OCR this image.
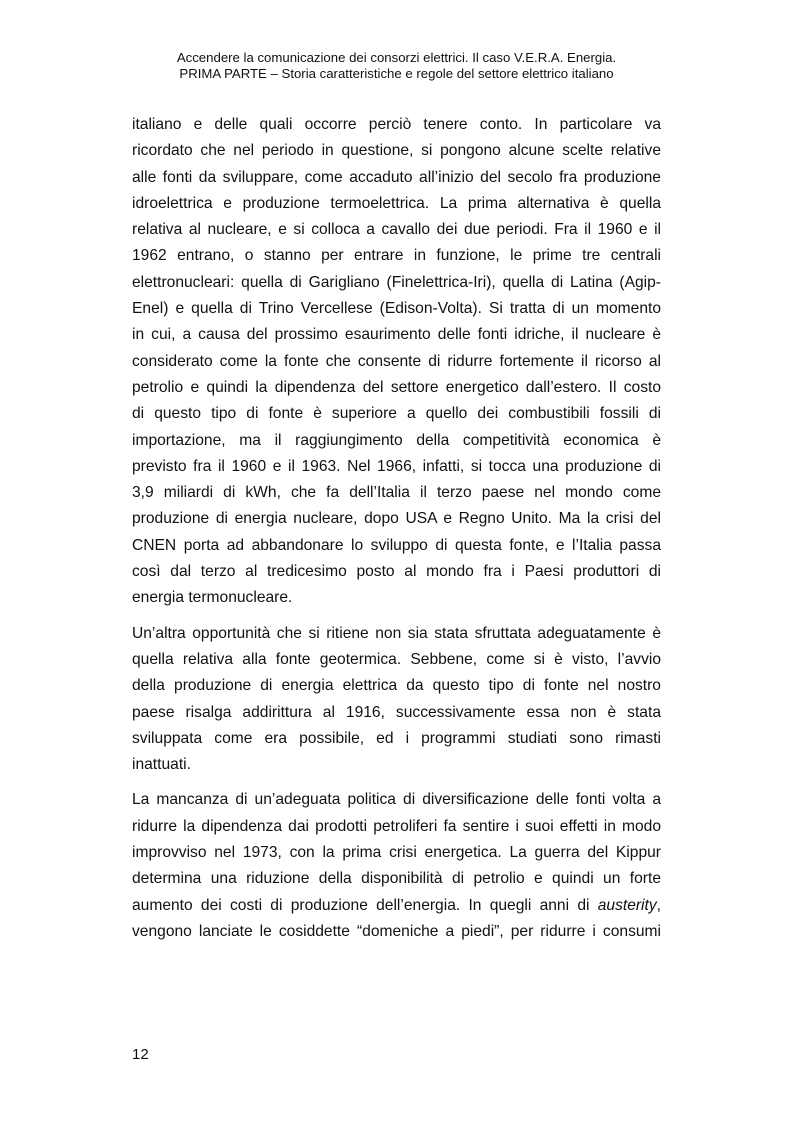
Accendere la comunicazione dei consorzi elettrici. Il caso V.E.R.A. Energia.
PRIMA PARTE – Storia caratteristiche e regole del settore elettrico italiano

italiano e delle quali occorre perciò tenere conto. In particolare va
ricordato che nel periodo in questione, si pongono alcune scelte relative
alle fonti da sviluppare, come accaduto all’inizio del secolo fra produzione
idroelettrica e produzione termoelettrica. La prima alternativa è quella
relativa al nucleare, e si colloca a cavallo dei due periodi. Fra il 1960 e il
1962 entrano, o stanno per entrare in funzione, le prime tre centrali
elettronucleari: quella di Garigliano (Finelettrica-Iri), quella di Latina (Agip-
Enel) e quella di Trino Vercellese (Edison-Volta). Si tratta di un momento
in cui, a causa del prossimo esaurimento delle fonti idriche, il nucleare è
considerato come la fonte che consente di ridurre fortemente il ricorso al
petrolio e quindi la dipendenza del settore energetico dall’estero. Il costo
di questo tipo di fonte è superiore a quello dei combustibili fossili di
importazione, ma il raggiungimento della competitività economica è
previsto fra il 1960 e il 1963. Nel 1966, infatti, si tocca una produzione di
3,9 miliardi di kWh, che fa dell’Italia il terzo paese nel mondo come
produzione di energia nucleare, dopo USA e Regno Unito. Ma la crisi del
CNEN porta ad abbandonare lo sviluppo di questa fonte, e l’Italia passa
così dal terzo al tredicesimo posto al mondo fra i Paesi produttori di
energia termonucleare.

Un’altra opportunità che si ritiene non sia stata sfruttata adeguatamente è
quella relativa alla fonte geotermica. Sebbene, come si è visto, l’avvio
della produzione di energia elettrica da questo tipo di fonte nel nostro
paese risalga addirittura al 1916, successivamente essa non è stata
sviluppata come era possibile, ed i programmi studiati sono rimasti
inattuati.

La mancanza di un’adeguata politica di diversificazione delle fonti volta a
ridurre la dipendenza dai prodotti petroliferi fa sentire i suoi effetti in modo
improvviso nel 1973, con la prima crisi energetica. La guerra del Kippur
determina una riduzione della disponibilità di petrolio e quindi un forte
aumento dei costi di produzione dell’energia. In quegli anni di austerity,
vengono lanciate le cosiddette “domeniche a piedi”, per ridurre i consumi

12
